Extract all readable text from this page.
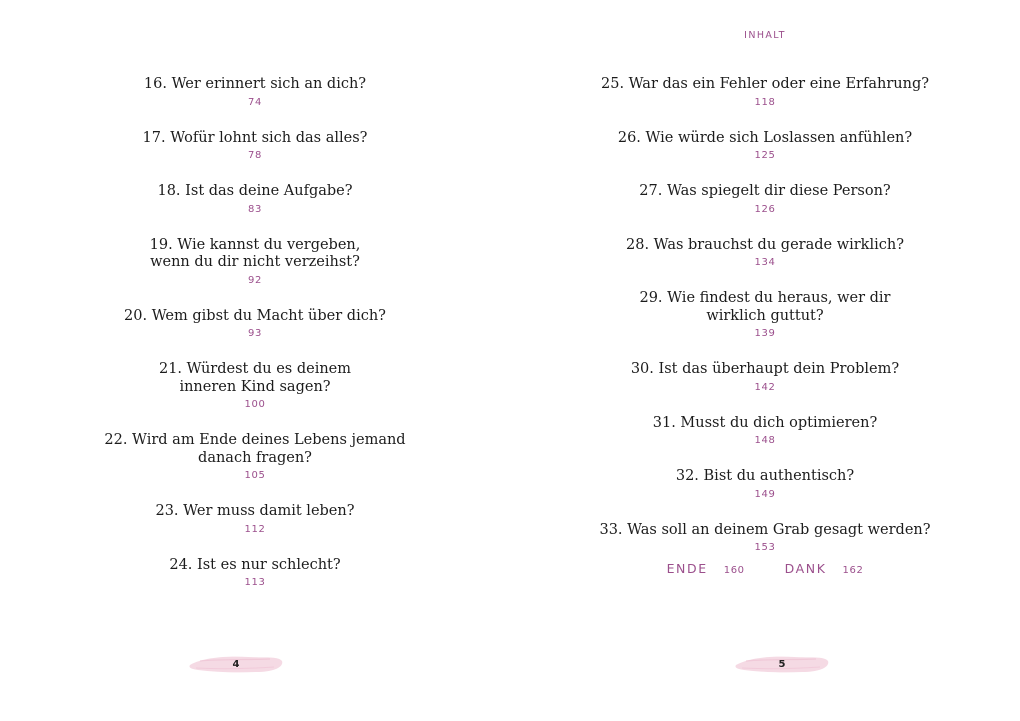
16. Wer erinnert sich an dich?
74
17. Wofür lohnt sich das alles?
78
18. Ist das deine Aufgabe?
83
19. Wie kannst du vergeben,
wenn du dir nicht verzeihst?
92
20. Wem gibst du Macht über dich?
93
21. Würdest du es deinem
inneren Kind sagen?
100
22. Wird am Ende deines Lebens jemand
danach fragen?
105
23. Wer muss damit leben?
112
24. Ist es nur schlecht?
113
4
INHALT
25. War das ein Fehler oder eine Erfahrung?
118
26. Wie würde sich Loslassen anfühlen?
125
27. Was spiegelt dir diese Person?
126
28. Was brauchst du gerade wirklich?
134
29. Wie findest du heraus, wer dir
wirklich guttut?
139
30. Ist das überhaupt dein Problem?
142
31. Musst du dich optimieren?
148
32. Bist du authentisch?
149
33. Was soll an deinem Grab gesagt werden?
153
ENDE 160	DANK 162
5
